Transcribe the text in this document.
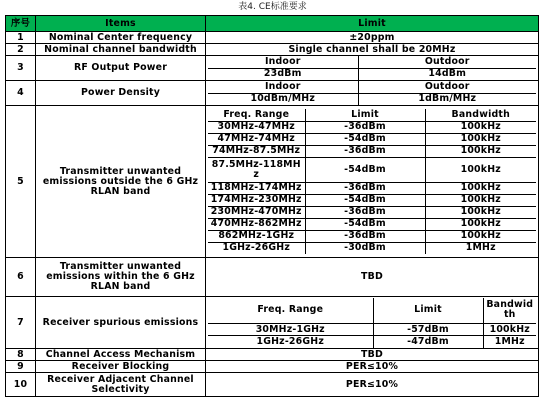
表4. CE标准要求
序号	Items	Limit
1	Nominal Center frequency	±20ppm
2	Nominal channel bandwidth	Single channel shall be 20MHz
3	RF Output Power	
Indoor	Outdoor
23dBm	14dBm

4	Power Density	
Indoor	Outdoor
10dBm/MHz	1dBm/MHz

5	Transmitter unwanted emissions outside the 6 GHz RLAN band	
Freq. Range	Limit	Bandwidth
30MHz-47MHz	-36dBm	100kHz
47MHz-74MHz	-54dBm	100kHz
74MHz-87.5MHz	-36dBm	100kHz
87.5MHz-118MHz	-54dBm	100kHz
118MHz-174MHz	-36dBm	100kHz
174MHz-230MHz	-54dBm	100kHz
230MHz-470MHz	-36dBm	100kHz
470MHz-862MHz	-54dBm	100kHz
862MHz-1GHz	-36dBm	100kHz
1GHz-26GHz	-30dBm	1MHz

6	Transmitter unwanted emissions within the 6 GHz RLAN band	TBD
7	Receiver spurious emissions	
Freq. Range	Limit	Bandwidth
30MHz-1GHz	-57dBm	100kHz
1GHz-26GHz	-47dBm	1MHz

8	Channel Access Mechanism	TBD
9	Receiver Blocking	PER≤10%
10	Receiver Adjacent Channel Selectivity	PER≤10%
